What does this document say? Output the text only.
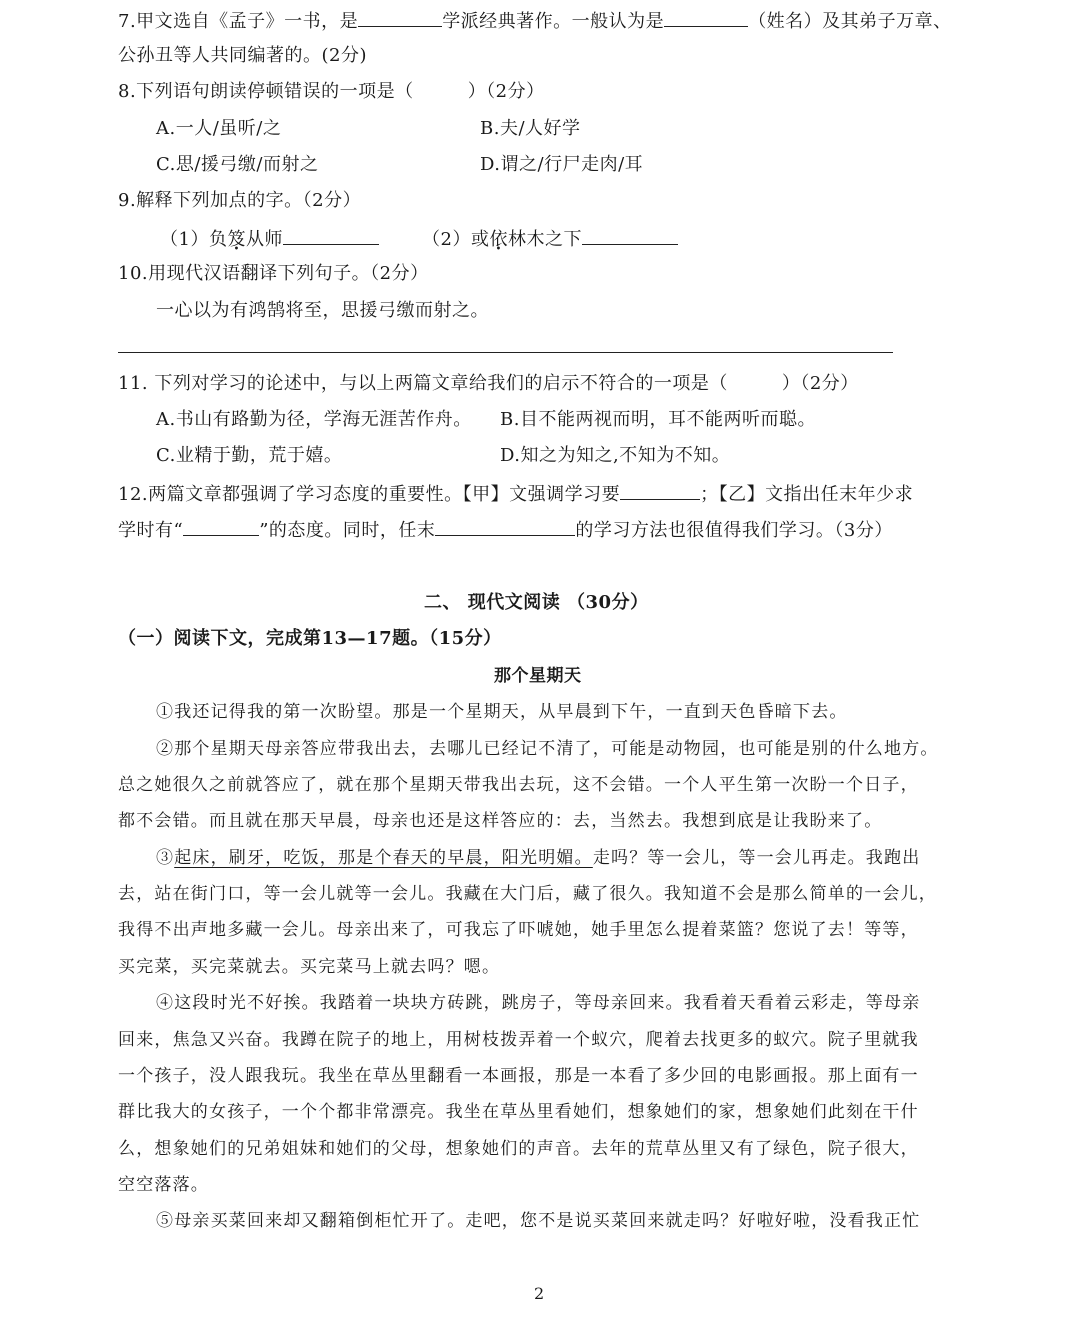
7.甲文选自《孟子》一书，是	学派经典著作。一般认为是	（姓名）及其弟子万章、
公孙丑等人共同编著的。(2分)
8.下列语句朗读停顿错误的一项是（	）（2分）
A.一人/虽听/之	B.夫/人好学
C.思/援弓缴/而射之	D.谓之/行尸走肉/耳
9.解释下列加点的字。（2分）
（1）负笈从师	（2）或依林木之下
10.用现代汉语翻译下列句子。（2分）
一心以为有鸿鹄将至，思援弓缴而射之。
11. 下列对学习的论述中，与以上两篇文章给我们的启示不符合的一项是（	）（2分）
A.书山有路勤为径，学海无涯苦作舟。 B.目不能两视而明，耳不能两听而聪。
C.业精于勤，荒于嬉。	D.知之为知之,不知为不知。
12.两篇文章都强调了学习态度的重要性。【甲】文强调学习要	；【乙】文指出任末年少求
学时有“	”的态度。同时，任末	的学习方法也很值得我们学习。（3分）
二、 现代文阅读 （30分）
（一）阅读下文，完成第13—17题。（15分）
那个星期天
①我还记得我的第一次盼望。那是一个星期天，从早晨到下午，一直到天色昏暗下去。
②那个星期天母亲答应带我出去，去哪儿已经记不清了，可能是动物园，也可能是别的什么地方。
总之她很久之前就答应了，就在那个星期天带我出去玩，这不会错。一个人平生第一次盼一个日子，
都不会错。而且就在那天早晨，母亲也还是这样答应的：去，当然去。我想到底是让我盼来了。
③起床，刷牙，吃饭，那是个春天的早晨，阳光明媚。走吗？等一会儿，等一会儿再走。我跑出
去，站在街门口，等一会儿就等一会儿。我藏在大门后，藏了很久。我知道不会是那么简单的一会儿，
我得不出声地多藏一会儿。母亲出来了，可我忘了吓唬她，她手里怎么提着菜篮？您说了去！等等，
买完菜，买完菜就去。买完菜马上就去吗？嗯。
④这段时光不好挨。我踏着一块块方砖跳，跳房子，等母亲回来。我看着天看着云彩走，等母亲
回来，焦急又兴奋。我蹲在院子的地上，用树枝拨弄着一个蚁穴，爬着去找更多的蚁穴。院子里就我
一个孩子，没人跟我玩。我坐在草丛里翻看一本画报，那是一本看了多少回的电影画报。那上面有一
群比我大的女孩子，一个个都非常漂亮。我坐在草丛里看她们，想象她们的家，想象她们此刻在干什
么，想象她们的兄弟姐妹和她们的父母，想象她们的声音。去年的荒草丛里又有了绿色，院子很大，
空空落落。
⑤母亲买菜回来却又翻箱倒柜忙开了。走吧，您不是说买菜回来就走吗？好啦好啦，没看我正忙
2
